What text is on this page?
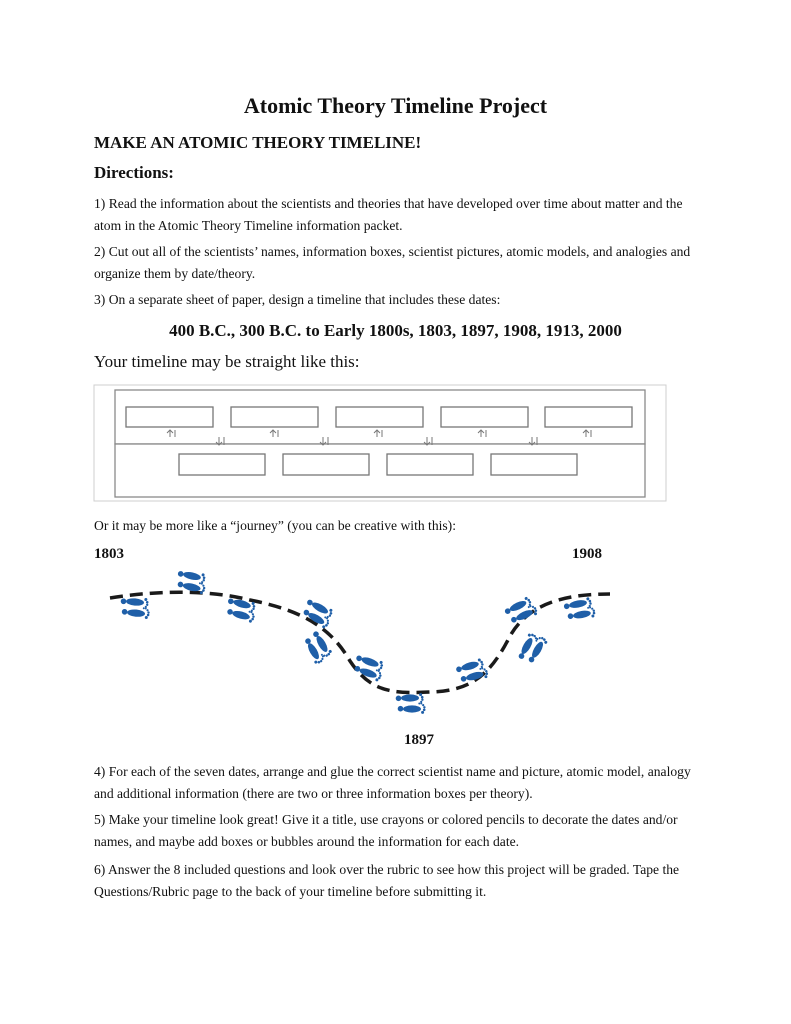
Atomic Theory Timeline Project
MAKE AN ATOMIC THEORY TIMELINE!
Directions:

1) Read the information about the scientists and theories that have developed over time about matter and the atom in the Atomic Theory Timeline information packet.

2) Cut out all of the scientists’ names, information boxes, scientist pictures, atomic models, and analogies and organize them by date/theory.

3) On a separate sheet of paper, design a timeline that includes these dates:

400 B.C., 300 B.C. to Early 1800s, 1803, 1897, 1908, 1913, 2000
Your timeline may be straight like this:
Or it may be more like a “journey” (you can be creative with this):
1803	1908
1897

4) For each of the seven dates, arrange and glue the correct scientist name and picture, atomic model, analogy and additional information (there are two or three information boxes per theory).

5) Make your timeline look great! Give it a title, use crayons or colored pencils to decorate the dates and/or names, and maybe add boxes or bubbles around the information for each date.

6) Answer the 8 included questions and look over the rubric to see how this project will be graded. Tape the Questions/Rubric page to the back of your timeline before submitting it.
